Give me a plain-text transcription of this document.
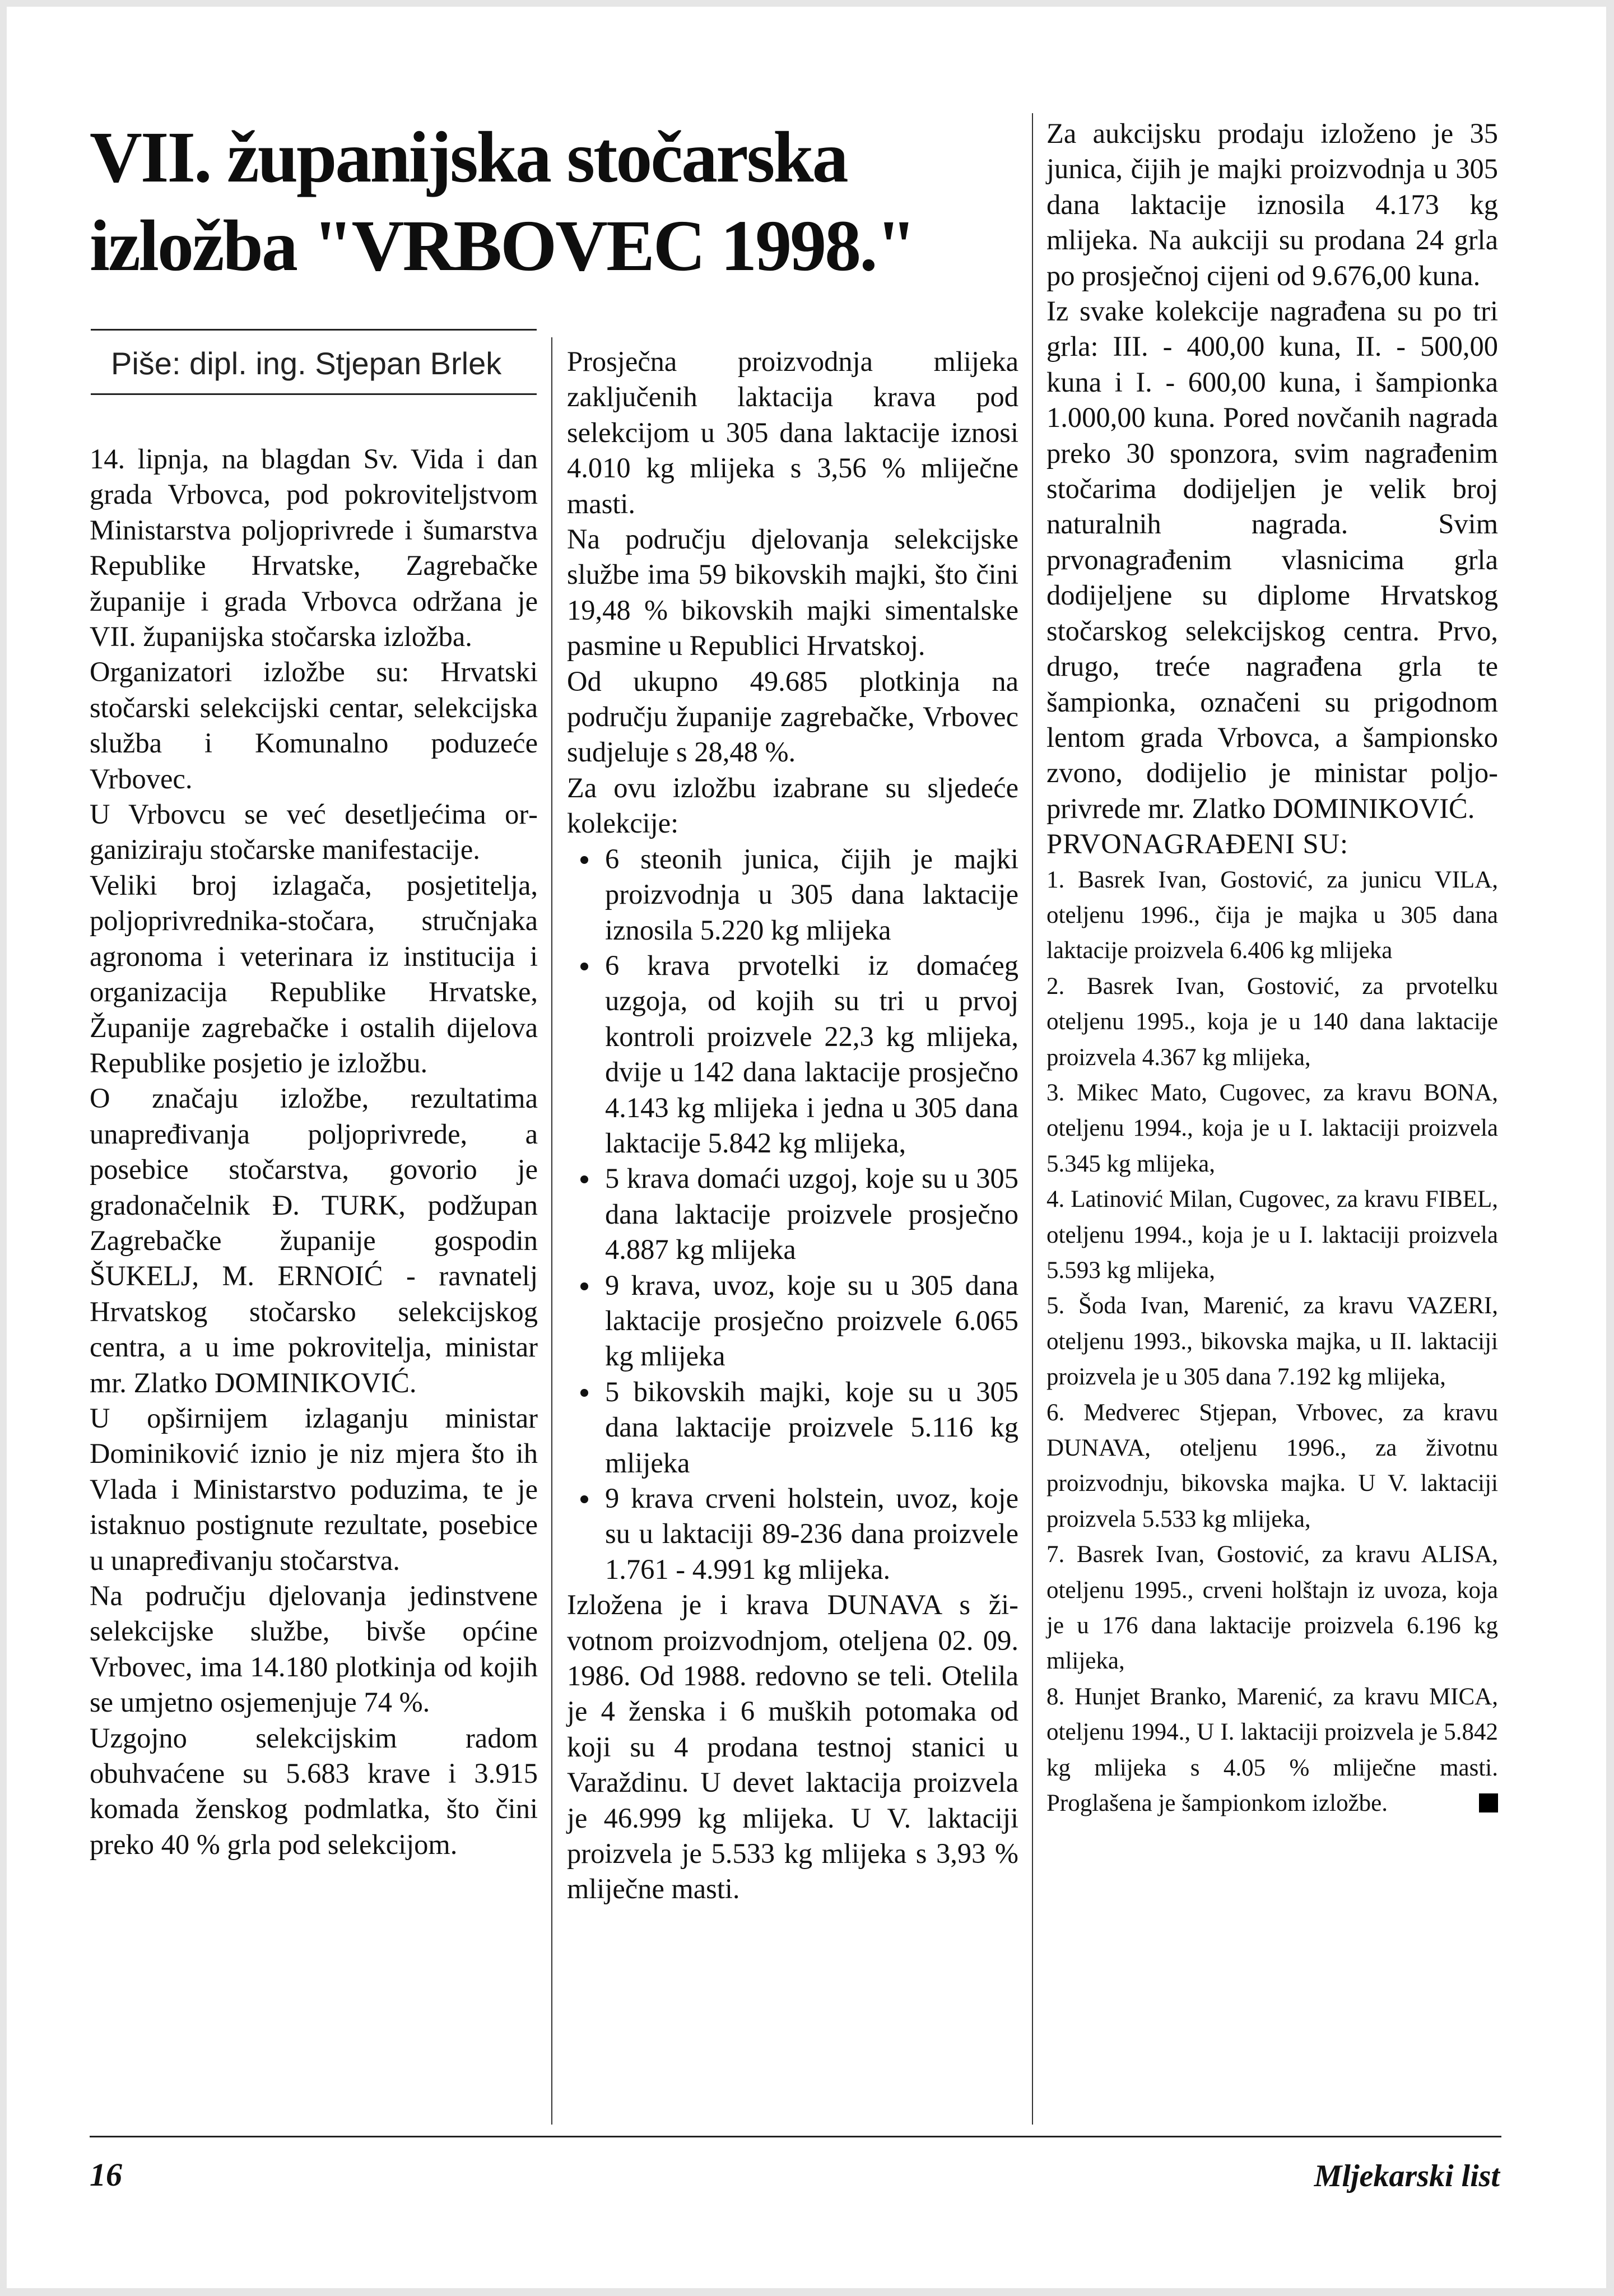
VII. županijska stočarska
izložba "VRBOVEC 1998."
Piše: dipl. ing. Stjepan Brlek

14. lipnja, na blagdan Sv. Vida i dan grada Vrbovca, pod pokroviteljstvom Ministarstva poljoprivrede i šumarstva Republike Hrvatske, Zagrebačke županije i grada Vrbovca održana je VII. županijska stočarska izložba.

Organizatori izložbe su: Hrvatski stočarski selekcijski centar, selekcijska služba i Komunalno poduzeće Vrbovec.

U Vrbovcu se već desetljećima organiziraju stočarske manifestacije.

Veliki broj izlagača, posjetitelja, poljoprivrednika-stočara, stručnjaka agronoma i veterinara iz institucija i organizacija Republike Hrvatske, Županije zagrebačke i ostalih dijelova Republike posjetio je izložbu.

O značaju izložbe, rezultatima unapređivanja poljoprivrede, a posebice stočarstva, govorio je gradonačelnik Đ. TURK, podžupan Zagrebačke županije gospodin ŠUKELJ, M. ERNOIĆ - ravnatelj Hrvatskog stočarsko selekcijskog centra, a u ime pokrovitelja, ministar mr. Zlatko DOMINIKOVIĆ.

U opširnijem izlaganju ministar Dominiković iznio je niz mjera što ih Vlada i Ministarstvo poduzima, te je istaknuo postignute rezultate, posebice u unapređivanju stočarstva.

Na području djelovanja jedinstvene selekcijske službe, bivše općine Vrbovec, ima 14.180 plotkinja od kojih se umjetno osjemenjuje 74 %.

Uzgojno selekcijskim radom obuhvaćene su 5.683 krave i 3.915 komada ženskog podmlatka, što čini preko 40 % grla pod selekcijom.

Prosječna proizvodnja mlijeka zaključenih laktacija krava pod selekcijom u 305 dana laktacije iznosi 4.010 kg mlijeka s 3,56 % mliječne masti.

Na području djelovanja selekcijske službe ima 59 bikovskih majki, što čini 19,48 % bikovskih majki simentalske pasmine u Republici Hrvatskoj.

Od ukupno 49.685 plotkinja na području županije zagrebačke, Vrbovec sudjeluje s 28,48 %.

Za ovu izložbu izabrane su sljedeće kolekcije:

6 steonih junica, čijih je majki proizvodnja u 305 dana laktacije iznosila 5.220 kg mlijeka
6 krava prvotelki iz domaćeg uzgoja, od kojih su tri u prvoj kontroli proizvele 22,3 kg mlijeka, dvije u 142 dana laktacije prosječno 4.143 kg mlijeka i jedna u 305 dana laktacije 5.842 kg mlijeka,
5 krava domaći uzgoj, koje su u 305 dana laktacije proizvele prosječno 4.887 kg mlijeka
9 krava, uvoz, koje su u 305 dana laktacije prosječno proizvele 6.065 kg mlijeka
5 bikovskih majki, koje su u 305 dana laktacije proizvele 5.116 kg mlijeka
9 krava crveni holstein, uvoz, koje su u laktaciji 89-236 dana proizvele 1.761 - 4.991 kg mlijeka.

Izložena je i krava DUNAVA s životnom proizvodnjom, oteljena 02. 09. 1986. Od 1988. redovno se teli. Otelila je 4 ženska i 6 muških potomaka od koji su 4 prodana testnoj stanici u Varaždinu. U devet laktacija proizvela je 46.999 kg mlijeka. U V. laktaciji proizvela je 5.533 kg mlijeka s 3,93 % mliječne masti.

Za aukcijsku prodaju izloženo je 35 junica, čijih je majki proizvodnja u 305 dana laktacije iznosila 4.173 kg mlijeka. Na aukciji su prodana 24 grla po prosječnoj cijeni od 9.676,00 kuna.

Iz svake kolekcije nagrađena su po tri grla: III. - 400,00 kuna, II. - 500,00 kuna i I. - 600,00 kuna, i šampionka 1.000,00 kuna. Pored novčanih nagrada preko 30 sponzora, svim nagrađenim stočarima dodijeljen je velik broj naturalnih nagrada. Svim prvonagrađenim vlasnicima grla dodijeljene su diplome Hrvatskog stočarskog selekcijskog centra. Prvo, drugo, treće nagrađena grla te šampionka, označeni su prigodnom lentom grada Vrbovca, a šampionsko zvono, dodijelio je ministar poljoprivrede mr. Zlatko DOMINIKOVIĆ.

PRVONAGRAĐENI SU:

1. Basrek Ivan, Gostović, za junicu VILA, oteljenu 1996., čija je majka u 305 dana laktacije proizvela 6.406 kg mlijeka

2. Basrek Ivan, Gostović, za prvotelku oteljenu 1995., koja je u 140 dana laktacije proizvela 4.367 kg mlijeka,

3. Mikec Mato, Cugovec, za kravu BONA, oteljenu 1994., koja je u I. laktaciji proizvela 5.345 kg mlijeka,

4. Latinović Milan, Cugovec, za kravu FIBEL, oteljenu 1994., koja je u I. laktaciji proizvela 5.593 kg mlijeka,

5. Šoda Ivan, Marenić, za kravu VAZERI, oteljenu 1993., bikovska majka, u II. laktaciji proizvela je u 305 dana 7.192 kg mlijeka,

6. Medverec Stjepan, Vrbovec, za kravu DUNAVA, oteljenu 1996., za životnu proizvodnju, bikovska majka. U V. laktaciji proizvela 5.533 kg mlijeka,

7. Basrek Ivan, Gostović, za kravu ALISA, oteljenu 1995., crveni holštajn iz uvoza, koja je u 176 dana laktacije proizvela 6.196 kg mlijeka,

8. Hunjet Branko, Marenić, za kravu MICA, oteljenu 1994., U I. laktaciji proizvela je 5.842 kg mlijeka s 4.05 % mliječne masti. Proglašena je šampionkom izložbe.

16	Mljekarski list
